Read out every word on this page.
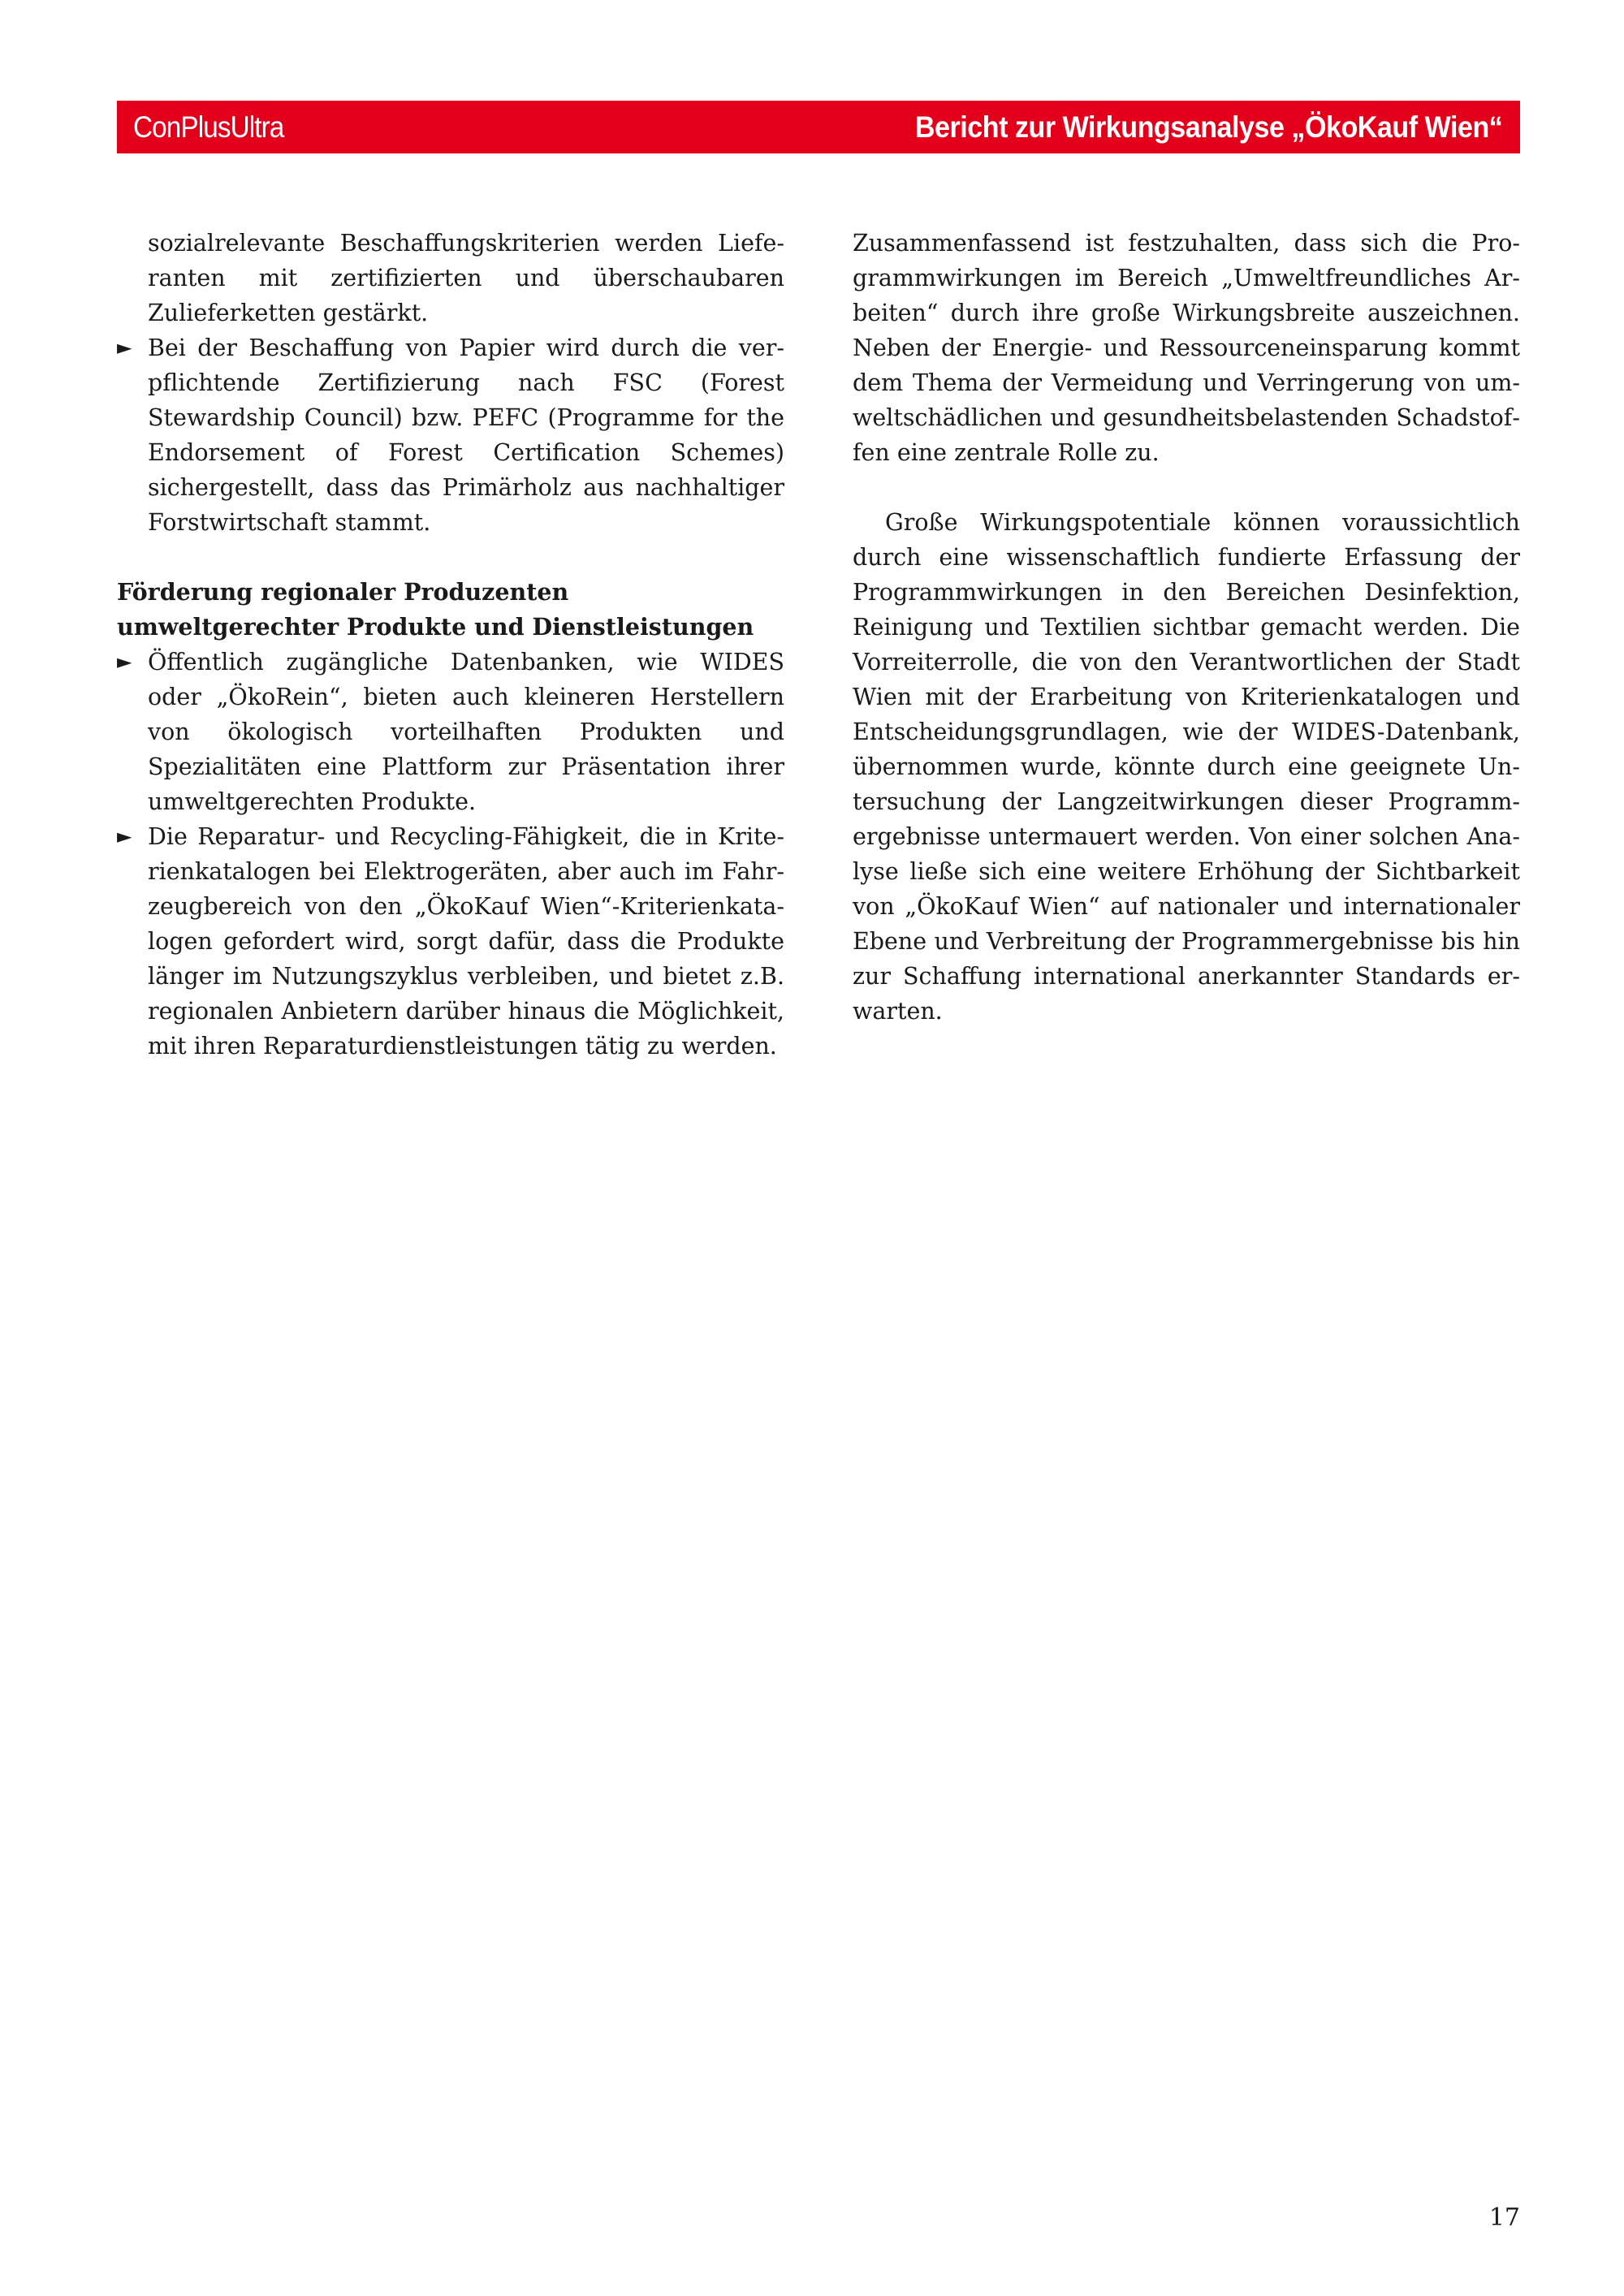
ConPlusUltra	Bericht zur Wirkungsanalyse „ÖkoKauf Wien“

sozialrelevante Beschaffungskriterien werden Lieferanten mit zertifizierten und überschaubaren Zulieferketten gestärkt.

► Bei der Beschaffung von Papier wird durch die verpflichtende Zertifizierung nach FSC (Forest Stewardship Council) bzw. PEFC (Programme for the Endorsement of Forest Certification Schemes) sichergestellt, dass das Primärholz aus nachhaltiger Forstwirtschaft stammt.

Förderung regionaler Produzenten umweltgerechter Produkte und Dienstleistungen

► Öffentlich zugängliche Datenbanken, wie WIDES oder „ÖkoRein“, bieten auch kleineren Herstellern von ökologisch vorteilhaften Produkten und Spezialitäten eine Plattform zur Präsentation ihrer umweltgerechten Produkte.
► Die Reparatur- und Recycling-Fähigkeit, die in Kriterienkatalogen bei Elektrogeräten, aber auch im Fahrzeugbereich von den „ÖkoKauf Wien“-Kriterienkatalogen gefordert wird, sorgt dafür, dass die Produkte länger im Nutzungszyklus verbleiben, und bietet z.B. regionalen Anbietern darüber hinaus die Möglichkeit, mit ihren Reparaturdienstleistungen tätig zu werden.

Zusammenfassend ist festzuhalten, dass sich die Programmwirkungen im Bereich „Umweltfreundliches Arbeiten“ durch ihre große Wirkungsbreite auszeichnen. Neben der Energie- und Ressourceneinsparung kommt dem Thema der Vermeidung und Verringerung von umweltschädlichen und gesundheitsbelastenden Schadstoffen eine zentrale Rolle zu.

Große Wirkungspotentiale können voraussichtlich durch eine wissenschaftlich fundierte Erfassung der Programmwirkungen in den Bereichen Desinfektion, Reinigung und Textilien sichtbar gemacht werden. Die Vorreiterrolle, die von den Verantwortlichen der Stadt Wien mit der Erarbeitung von Kriterienkatalogen und Entscheidungsgrundlagen, wie der WIDES-Datenbank, übernommen wurde, könnte durch eine geeignete Untersuchung der Langzeitwirkungen dieser Programmergebnisse untermauert werden. Von einer solchen Analyse ließe sich eine weitere Erhöhung der Sichtbarkeit von „ÖkoKauf Wien“ auf nationaler und internationaler Ebene und Verbreitung der Programmergebnisse bis hin zur Schaffung international anerkannter Standards erwarten.

17
